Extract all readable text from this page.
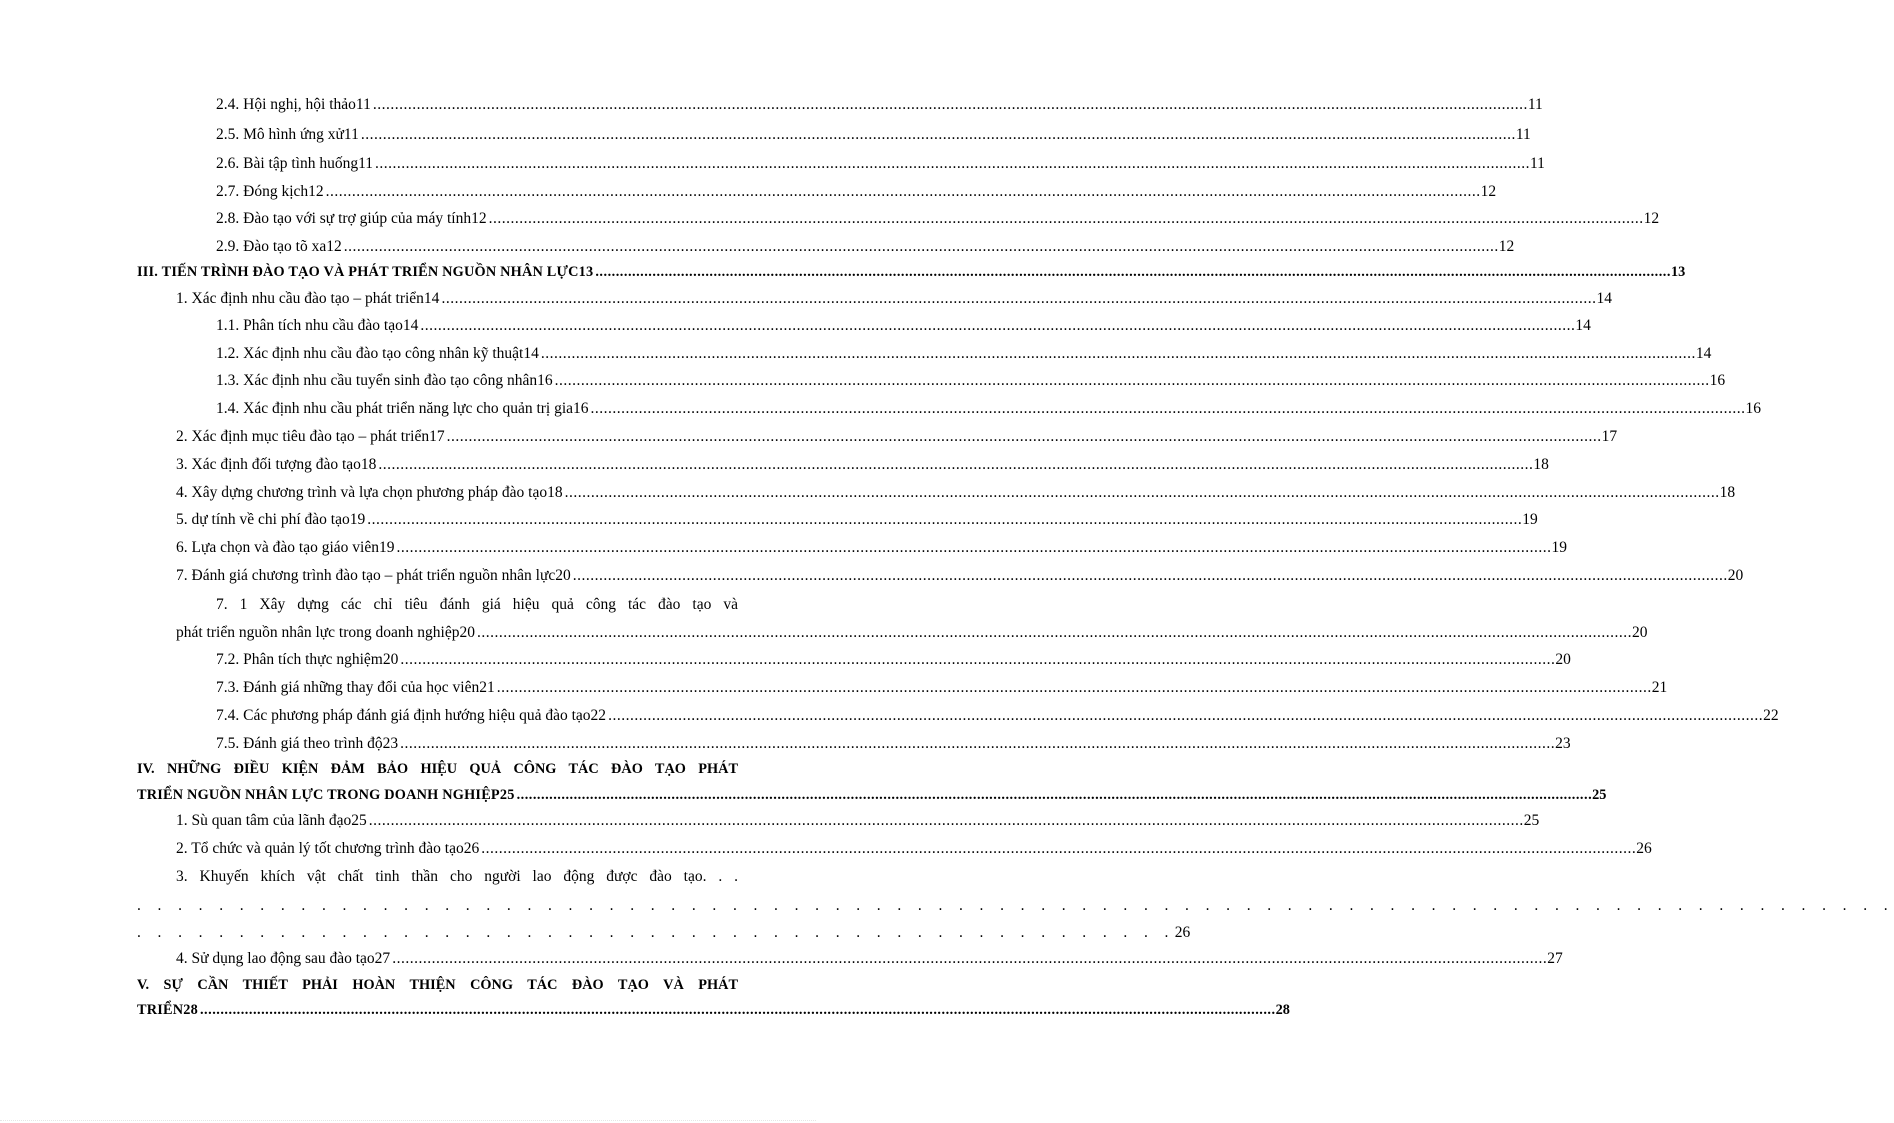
2.4. Hội nghị, hội thảo11 .....	11
2.5. Mô hình ứng xử11 .....	11
2.6. Bài tập tình huống11 .....	11
2.7. Đóng kịch12 .....	12
2.8. Đào tạo với sự trợ giúp của máy tính12 .....	12
2.9. Đào tạo tõ xa12 .....	12
III. TIẾN TRÌNH ĐÀO TẠO VÀ PHÁT TRIỂN NGUỒN NHÂN LỰC13 .....	13
1. Xác định nhu cầu đào tạo – phát triển14 .....	14
1.1. Phân tích nhu cầu đào tạo14 .....	14
1.2. Xác định nhu cầu đào tạo công nhân kỹ thuật14 .....	14
1.3. Xác định nhu cầu tuyển sinh đào tạo công nhân16 .....	16
1.4. Xác định nhu cầu phát triển năng lực cho quản trị gia16 .....	16
2. Xác định mục tiêu đào tạo – phát triển17 .....	17
3. Xác định đối tượng đào tạo18 .....	18
4. Xây dựng chương trình và lựa chọn phương pháp đào tạo18 .....	18
5. dự tính về chi phí đào tạo19 .....	19
6. Lựa chọn và đào tạo giáo viên19 .....	19
7. Đánh giá chương trình đào tạo – phát triển nguồn nhân lực20 .....	20
7. 1 Xây dựng các chỉ tiêu đánh giá hiệu quả công tác đào tạo và
phát triển nguồn nhân lực trong doanh nghiệp20 .....	20
7.2. Phân tích thực nghiệm20 .....	20
7.3. Đánh giá những thay đổi của học viên21 .....	21
7.4. Các phương pháp đánh giá định hướng hiệu quả đào tạo22 .....	22
7.5. Đánh giá theo trình độ23 .....	23
IV. NHỮNG ĐIỀU KIỆN ĐẢM BẢO HIỆU QUẢ CÔNG TÁC ĐÀO TẠO PHÁT
TRIỂN NGUỒN NHÂN LỰC TRONG DOANH NGHIỆP25 .....	25
1. Sù quan tâm của lãnh đạo25 .....	25
2. Tổ chức và quản lý tốt chương trình đào tạo26 .....	26
3. Khuyến khích vật chất tinh thần cho người lao động được đào tạo. . .
. . . . . . . . . . . . . . . . . . . . . . . . . . . . . . . . . . . . . . . . . . . . . . . . . . . . . . . . . . . . . . . . . . . . . . . . . . . . . . . . . . . . . .
. . . . . . . . . . . . . . . . . . . . . . . . . . . . . . . . . . . . . . . . . . . . . . . . . . . 26
4. Sử dụng lao động sau đào tạo27 .....	27
V. SỰ CẦN THIẾT PHẢI HOÀN THIỆN CÔNG TÁC ĐÀO TẠO VÀ PHÁT
TRIỂN28 .....	28
